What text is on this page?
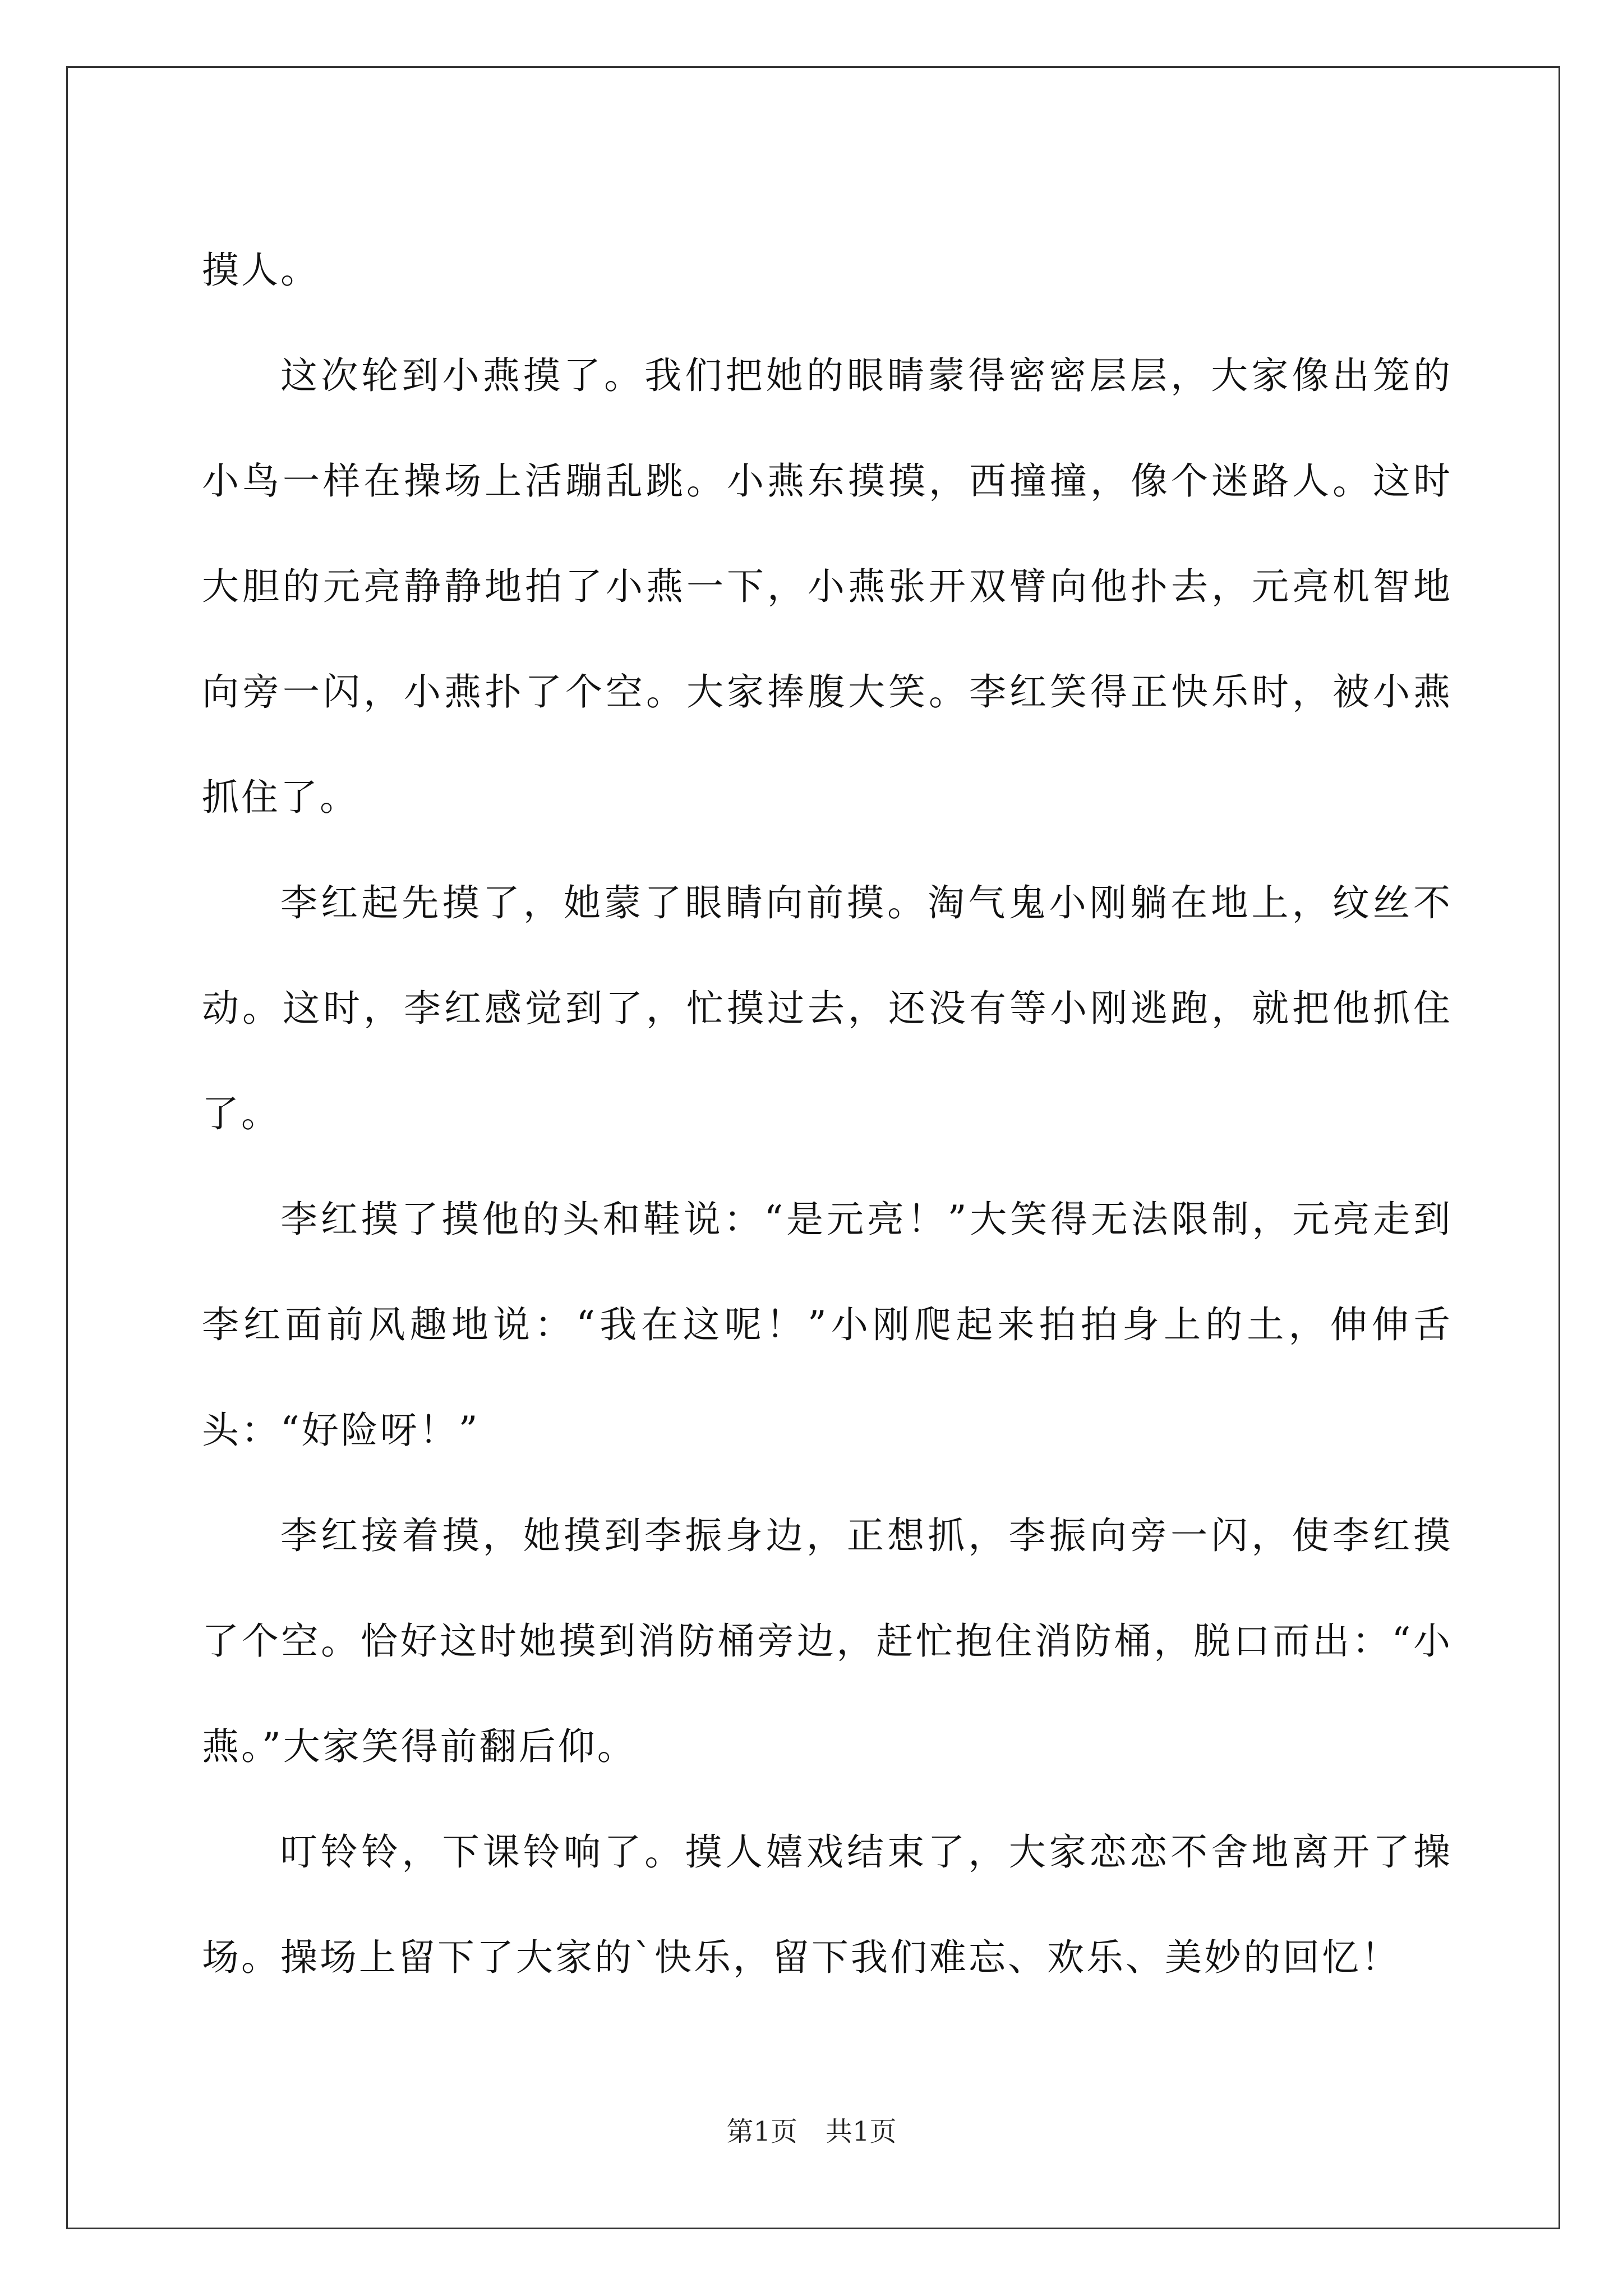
摸人。

这次轮到小燕摸了。我们把她的眼睛蒙得密密层层，大家像出笼的小鸟一样在操场上活蹦乱跳。小燕东摸摸，西撞撞，像个迷路人。这时大胆的元亮静静地拍了小燕一下，小燕张开双臂向他扑去，元亮机智地向旁一闪，小燕扑了个空。大家捧腹大笑。李红笑得正快乐时，被小燕抓住了。

李红起先摸了，她蒙了眼睛向前摸。淘气鬼小刚躺在地上，纹丝不动。这时，李红感觉到了，忙摸过去，还没有等小刚逃跑，就把他抓住了。

李红摸了摸他的头和鞋说：“是元亮！”大笑得无法限制，元亮走到李红面前风趣地说：“我在这呢！”小刚爬起来拍拍身上的土，伸伸舌头：“好险呀！”

李红接着摸，她摸到李振身边，正想抓，李振向旁一闪，使李红摸了个空。恰好这时她摸到消防桶旁边，赶忙抱住消防桶，脱口而出：“小燕。”大家笑得前翻后仰。

叮铃铃，下课铃响了。摸人嬉戏结束了，大家恋恋不舍地离开了操场。操场上留下了大家的`快乐，留下我们难忘、欢乐、美妙的回忆！

第1页 共1页
